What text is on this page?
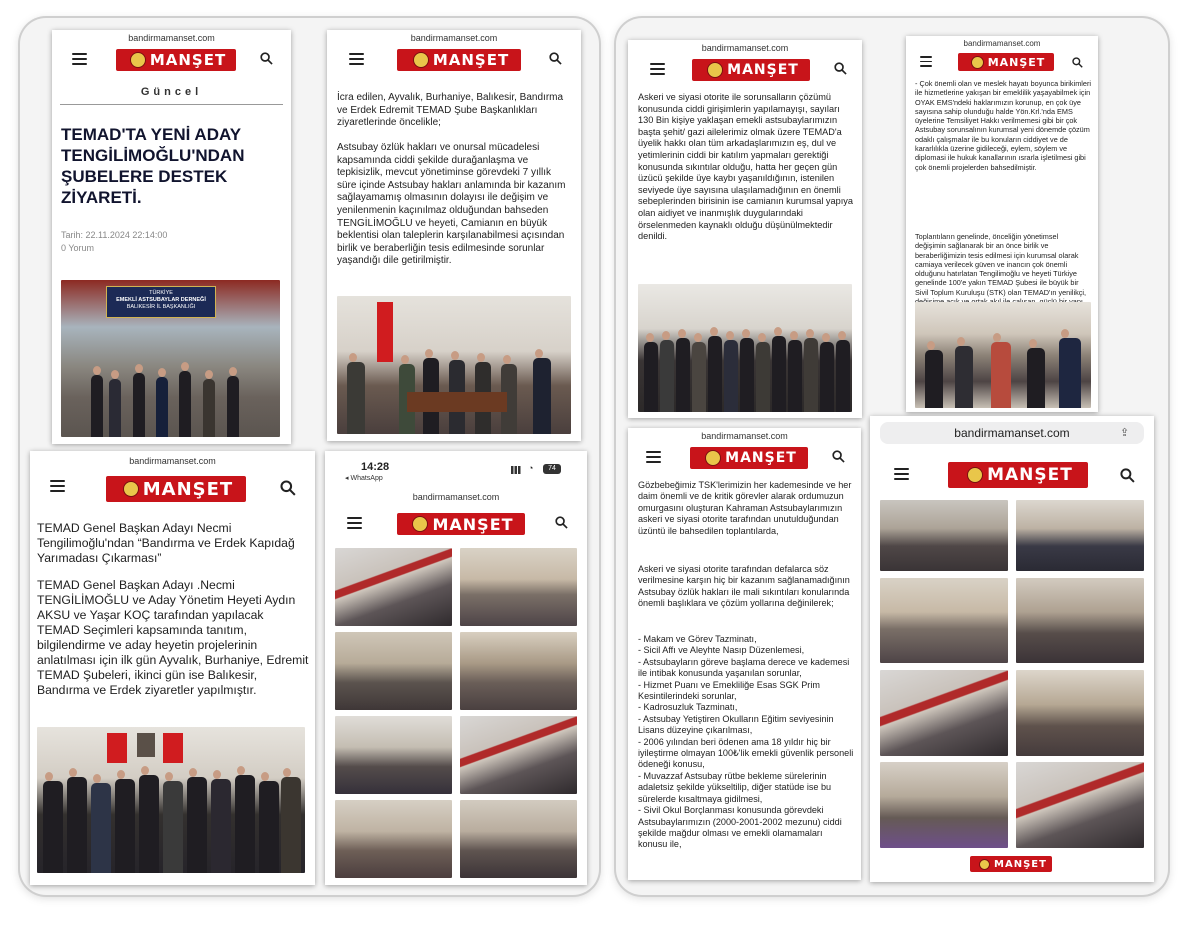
bandirmamanset.com
MANŞET
Güncel
TEMAD'TA YENİ ADAY TENGİLİMOĞLU'NDAN ŞUBELERE DESTEK ZİYARETİ.
Tarih: 22.11.2024 22:14:00
0 Yorum
TÜRKİYE
EMEKLİ ASTSUBAYLAR DERNEĞİ
BALIKESİR İL BAŞKANLIĞI
bandirmamanset.com
MANŞET
İcra edilen, Ayvalık, Burhaniye, Balıkesir, Bandırma ve Erdek Edremit TEMAD Şube Başkanlıkları ziyaretlerinde öncelikle;
Astsubay özlük hakları ve onursal mücadelesi kapsamında ciddi şekilde durağanlaşma ve tepkisizlik, mevcut yönetiminse görevdeki 7 yıllık süre içinde Astsubay hakları anlamında bir kazanım sağlayamamış olmasının dolayısı ile değişim ve yenilenmenin kaçınılmaz olduğundan bahseden TENGİLİMOĞLU ve heyeti, Camianın en büyük beklentisi olan taleplerin karşılanabilmesi açısından birlik ve beraberliğin tesis edilmesinde sorunlar yaşandığı dile getirilmiştir.
bandirmamanset.com
MANŞET
TEMAD Genel Başkan Adayı Necmi Tengilimoğlu'ndan “Bandırma ve Erdek Kapıdağ Yarımadası Çıkarması”
TEMAD Genel Başkan Adayı .Necmi TENGİLİMOĞLU ve Aday Yönetim Heyeti Aydın AKSU ve Yaşar KOÇ tarafından yapılacak TEMAD Seçimleri kapsamında tanıtım, bilgilendirme ve aday heyetin projelerinin anlatılması için ilk gün Ayvalık, Burhaniye, Edremit TEMAD Şubeleri, ikinci gün ise Balıkesir, Bandırma ve Erdek ziyaretler yapılmıştır.
14:28
◂ WhatsApp
◔	74
bandirmamanset.com
MANŞET
bandirmamanset.com
MANŞET
Askeri ve siyasi otorite ile sorunsalların çözümü konusunda ciddi girişimlerin yapılamayışı, sayıları 130 Bin kişiye yaklaşan emekli astsubaylarımızın başta şehit/ gazi ailelerimiz olmak üzere TEMAD'a üyelik hakkı olan tüm arkadaşlarımızın eş, dul ve yetimlerinin ciddi bir katılım yapmaları gerektiği konusunda sıkıntılar olduğu, hatta her geçen gün üzücü şekilde üye kaybı yaşanıldığının, istenilen seviyede üye sayısına ulaşılamadığının en önemli sebeplerinden birisinin ise camianın kurumsal yapıya olan aidiyet ve inanmışlık duygularındaki örselenmeden kaynaklı olduğu düşünülmektedir denildi.
bandirmamanset.com
MANŞET
- Çok önemli olan ve meslek hayatı boyunca birikimleri ile hizmetlerine yakışan bir emeklilik yaşayabilmek için OYAK EMS'ndeki haklarımızın korunup, en çok üye sayısına sahip olunduğu halde Yön.Krl.'nda EMS üyelerine Temsiliyet Hakkı verilmemesi gibi bir çok Astsubay sorunsalının kurumsal yeni dönemde çözüm odaklı çalışmalar ile bu konuların ciddiyet ve de kararlılıkla üzerine gidileceği, eylem, söylem ve diplomasi ile hukuk kanallarının ısrarla işletilmesi gibi çok önemli projelerden bahsedilmiştir.
Toplantıların genelinde, önceliğin yönetimsel değişimin sağlanarak bir an önce birlik ve beraberliğimizin tesis edilmesi için kurumsal olarak camiaya verilecek güven ve inancın çok önemli olduğunu hatırlatan Tengilimoğlu ve heyeti Türkiye genelinde 100'e yakın TEMAD Şubesi ile büyük bir Sivil Toplum Kuruluşu (STK) olan TEMAD'ın yenilikçi,
bandirmamanset.com
MANŞET
Gözbebeğimiz TSK'lerimizin her kademesinde ve her daim önemli ve de kritik görevler alarak ordumuzun omurgasını oluşturan Kahraman Astsubaylarımızın askeri ve siyasi otorite tarafından unutulduğundan üzüntü ile bahsedilen toplantılarda,
Askeri ve siyasi otorite tarafından defalarca söz verilmesine karşın hiç bir kazanım sağlanamadığının Astsubay özlük hakları ile mali sıkıntıları konularında önemli başlıklara ve çözüm yollarına değinilerek;
- Makam ve Görev Tazminatı,
- Sicil Affı ve Aleyhte Nasıp Düzenlemesi,
- Astsubayların göreve başlama derece ve kademesi ile intibak konusunda yaşanılan sorunlar,
- Hizmet Puanı ve Emekliliğe Esas SGK Prim Kesintilerindeki sorunlar,
- Kadrosuzluk Tazminatı,
- Astsubay Yetiştiren Okulların Eğitim seviyesinin Lisans düzeyine çıkarılması,
- 2006 yılından beri ödenen ama 18 yıldır hiç bir iyileştirme olmayan 100₺'lik emekli güvenlik personeli ödeneği konusu,
- Muvazzaf Astsubay rütbe bekleme sürelerinin adaletsiz şekilde yükseltilip, diğer statüde ise bu sürelerde kısaltmaya gidilmesi,
- Sivil Okul Borçlanması konusunda görevdeki Astsubaylarımızın (2000-2001-2002 mezunu) ciddi şekilde mağdur olması ve emekli olamamaları konusu ile,
bandirmamanset.com	⇪
MANŞET
MANŞET
